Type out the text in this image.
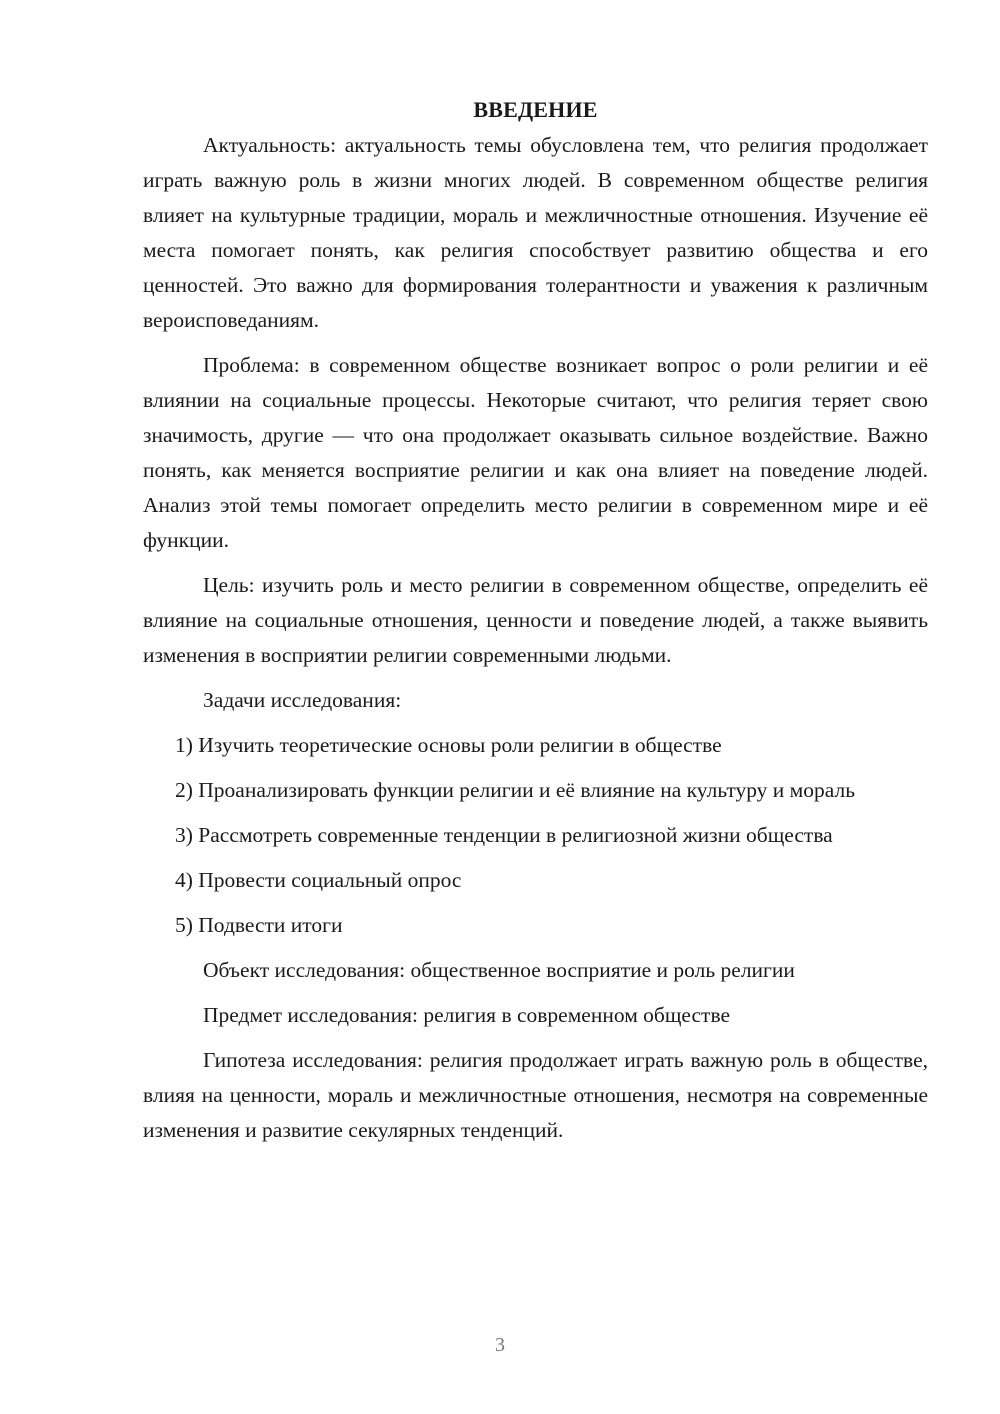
ВВЕДЕНИЕ

Актуальность: актуальность темы обусловлена тем, что религия продолжает играть важную роль в жизни многих людей. В современном обществе религия влияет на культурные традиции, мораль и межличностные отношения. Изучение её места помогает понять, как религия способствует развитию общества и его ценностей. Это важно для формирования толерантности и уважения к различным вероисповеданиям.

Проблема: в современном обществе возникает вопрос о роли религии и её влиянии на социальные процессы. Некоторые считают, что религия теряет свою значимость, другие — что она продолжает оказывать сильное воздействие. Важно понять, как меняется восприятие религии и как она влияет на поведение людей. Анализ этой темы помогает определить место религии в современном мире и её функции.

Цель: изучить роль и место религии в современном обществе, определить её влияние на социальные отношения, ценности и поведение людей, а также выявить изменения в восприятии религии современными людьми.

Задачи исследования:

1) Изучить теоретические основы роли религии в обществе

2) Проанализировать функции религии и её влияние на культуру и мораль

3) Рассмотреть современные тенденции в религиозной жизни общества

4) Провести социальный опрос

5) Подвести итоги

Объект исследования: общественное восприятие и роль религии

Предмет исследования: религия в современном обществе

Гипотеза исследования: религия продолжает играть важную роль в обществе, влияя на ценности, мораль и межличностные отношения, несмотря на современные изменения и развитие секулярных тенденций.

3
